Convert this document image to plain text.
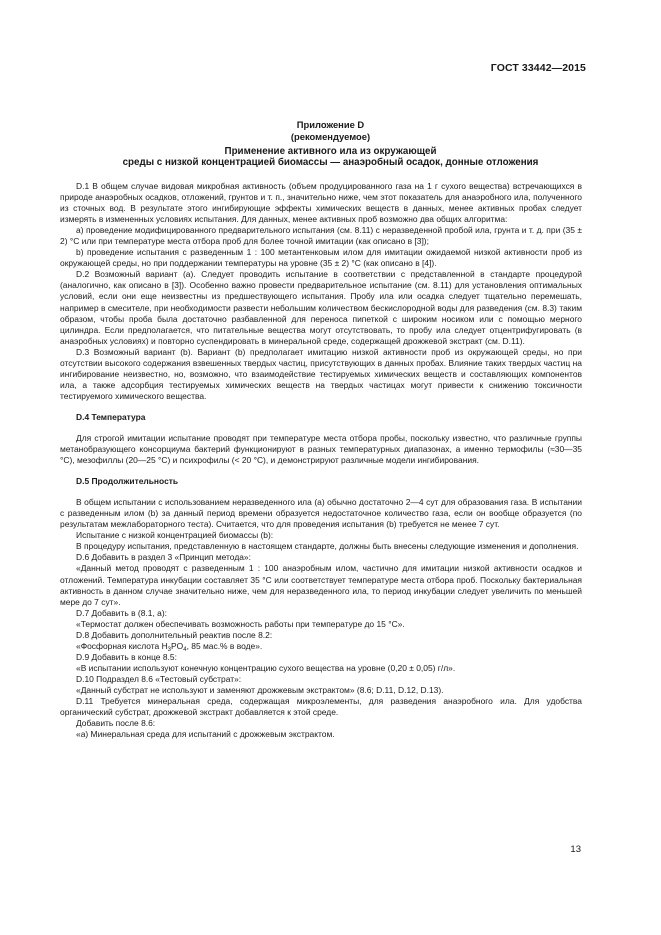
ГОСТ 33442—2015
Приложение D
(рекомендуемое)
Применение активного ила из окружающей
среды с низкой концентрацией биомассы — анаэробный осадок, донные отложения

D.1 В общем случае видовая микробная активность (объем продуцированного газа на 1 г сухого вещества) встречающихся в природе анаэробных осадков, отложений, грунтов и т. п., значительно ниже, чем этот показатель для анаэробного ила, полученного из сточных вод. В результате этого ингибирующие эффекты химических веществ в данных, менее активных пробах следует измерять в измененных условиях испытания. Для данных, менее активных проб возможно два общих алгоритма:

a) проведение модифицированного предварительного испытания (см. 8.11) с неразведенной пробой ила, грунта и т. д. при (35 ± 2) °С или при температуре места отбора проб для более точной имитации (как описано в [3]);

b) проведение испытания с разведенным 1 : 100 метантенковым илом для имитации ожидаемой низкой активности проб из окружающей среды, но при поддержании температуры на уровне (35 ± 2) °С (как описано в [4]).

D.2 Возможный вариант (a). Следует проводить испытание в соответствии с представленной в стандарте процедурой (аналогично, как описано в [3]). Особенно важно провести предварительное испытание (см. 8.11) для установления оптимальных условий, если они еще неизвестны из предшествующего испытания. Пробу ила или осадка следует тщательно перемешать, например в смесителе, при необходимости развести небольшим количеством бескислородной воды для разведения (см. 8.3) таким образом, чтобы проба была достаточно разбавленной для переноса пипеткой с широким носиком или с помощью мерного цилиндра. Если предполагается, что питательные вещества могут отсутствовать, то пробу ила следует отцентрифугировать (в анаэробных условиях) и повторно суспендировать в минеральной среде, содержащей дрожжевой экстракт (см. D.11).

D.3 Возможный вариант (b). Вариант (b) предполагает имитацию низкой активности проб из окружающей среды, но при отсутствии высокого содержания взвешенных твердых частиц, присутствующих в данных пробах. Влияние таких твердых частиц на ингибирование неизвестно, но, возможно, что взаимодействие тестируемых химических веществ и составляющих компонентов ила, а также адсорбция тестируемых химических веществ на твердых частицах могут привести к снижению токсичности тестируемого химического вещества.

D.4 Температура

Для строгой имитации испытание проводят при температуре места отбора пробы, поскольку известно, что различные группы метанобразующего консорциума бактерий функционируют в разных температурных диапазонах, а именно термофилы (≈30—35 °С), мезофиллы (20—25 °С) и психрофилы (< 20 °С), и демонстрируют различные модели ингибирования.

D.5 Продолжительность

В общем испытании с использованием неразведенного ила (a) обычно достаточно 2—4 сут для образования газа. В испытании с разведенным илом (b) за данный период времени образуется недостаточное количество газа, если он вообще образуется (по результатам межлабораторного теста). Считается, что для проведения испытания (b) требуется не менее 7 сут.

Испытание с низкой концентрацией биомассы (b):

В процедуру испытания, представленную в настоящем стандарте, должны быть внесены следующие изменения и дополнения.

D.6 Добавить в раздел 3 «Принцип метода»:

«Данный метод проводят с разведенным 1 : 100 анаэробным илом, частично для имитации низкой активности осадков и отложений. Температура инкубации составляет 35 °С или соответствует температуре места отбора проб. Поскольку бактериальная активность в данном случае значительно ниже, чем для неразведенного ила, то период инкубации следует увеличить по меньшей мере до 7 сут».

D.7 Добавить в (8.1, a):

«Термостат должен обеспечивать возможность работы при температуре до 15 °С».

D.8 Добавить дополнительный реактив после 8.2:

«Фосфорная кислота $H_3PO_4$, 85 мас.% в воде».

D.9 Добавить в конце 8.5:

«В испытании используют конечную концентрацию сухого вещества на уровне (0,20 ± 0,05) г/л».

D.10 Подраздел 8.6 «Тестовый субстрат»:

«Данный субстрат не используют и заменяют дрожжевым экстрактом» (8.6; D.11, D.12, D.13).

D.11 Требуется минеральная среда, содержащая микроэлементы, для разведения анаэробного ила. Для удобства органический субстрат, дрожжевой экстракт добавляется к этой среде.

Добавить после 8.6:

«a) Минеральная среда для испытаний с дрожжевым экстрактом.

13
